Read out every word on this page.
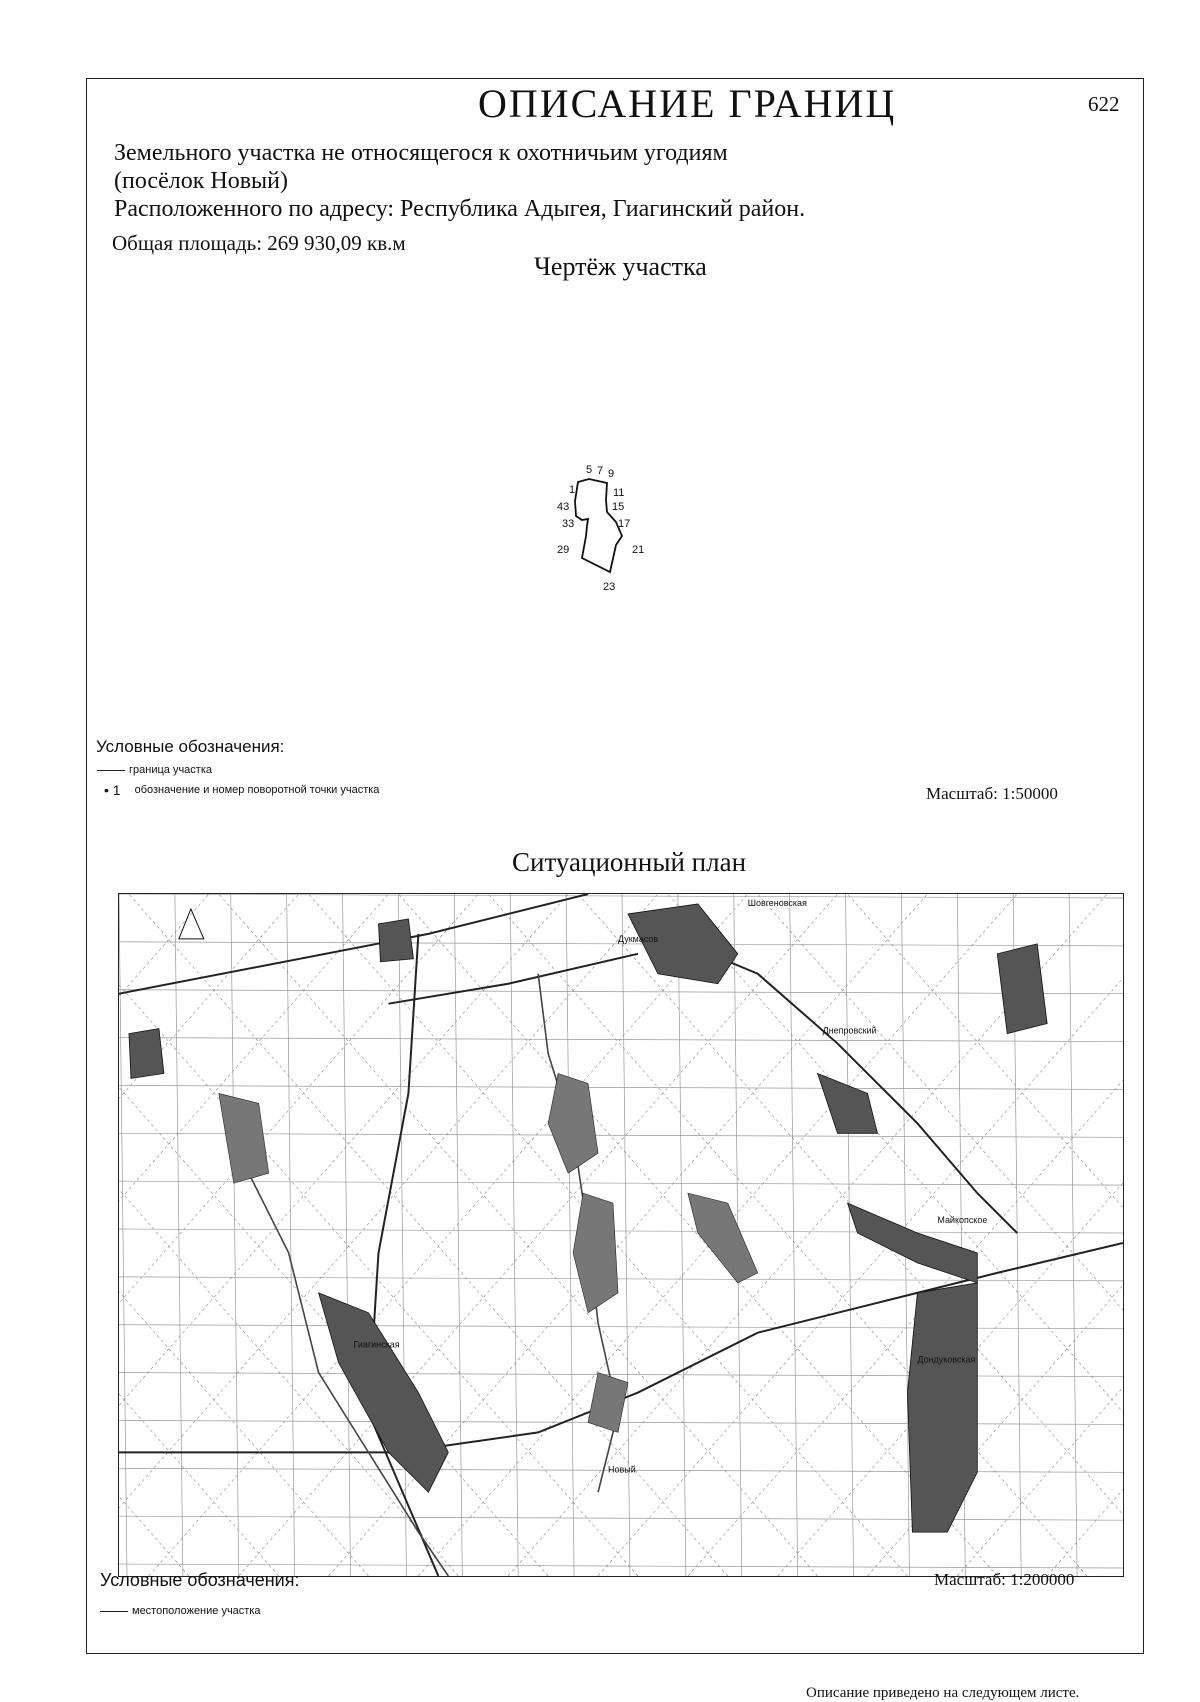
ОПИСАНИЕ ГРАНИЦ	622
Земельного участка не относящегося к охотничьим угодиям
(посёлок Новый)
Расположенного по адресу: Республика Адыгея, Гиагинский район.
Общая площадь: 269 930,09 кв.м
Чертёж участка
1
5 7 9
11
15
17
21
23
29
33
43
Условные обозначения:
граница участка
• 1 обозначение и номер поворотной точки участка	Масштаб: 1:50000
Ситуационный план
Шовгеновская
Дукмасов
Днепровский
Гиагинская
Дондуковская
Майкопское
Новый
Условные обозначения:	Масштаб: 1:200000
местоположение участка
Описание приведено на следующем листе.
